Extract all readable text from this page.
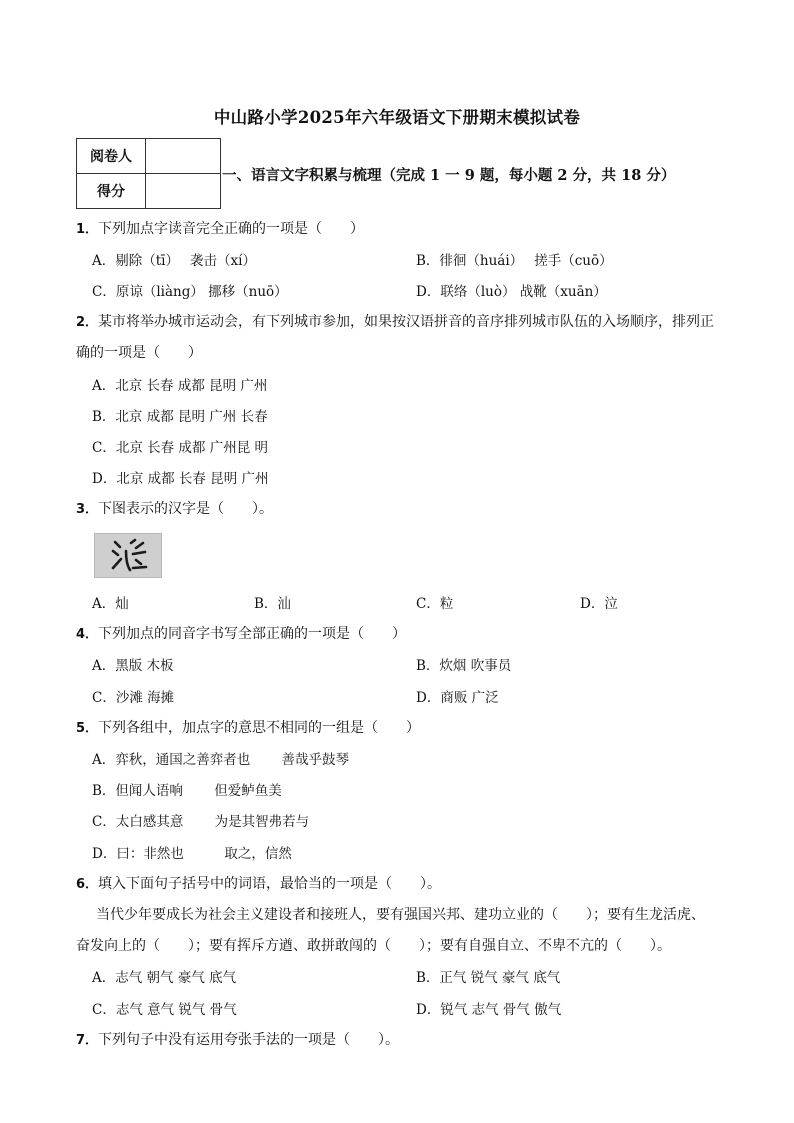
中山路小学2025年六年级语文下册期末模拟试卷
阅卷人	
得分	
一、语言文字积累与梳理（完成 1 一 9 题，每小题 2 分，共 18 分）
1．下列加点字读音完全正确的一项是（　　）
A．剔除（tī）　 袭击（xí）	B．徘徊（huái）　 搓手（cuō）
C．原谅（liàng） 挪移（nuō）	D．联络（luò） 战靴（xuān）
2．某市将举办城市运动会，有下列城市参加，如果按汉语拼音的音序排列城市队伍的入场顺序，排列正
确的一项是（　　）
A．北京 长春 成都 昆明 广州
B．北京 成都 昆明 广州 长春
C．北京 长春 成都 广州昆 明
D．北京 成都 长春 昆明 广州
3．下图表示的汉字是（　　）。
A．灿	B．汕	C．粒	D．泣
4．下列加点的同音字书写全部正确的一项是（　　）
A．黑版 木板	B．炊烟 吹事员
C．沙滩 海摊	D．商贩 广泛
5．下列各组中，加点字的意思不相同的一组是（　　）
A．弈秋，通国之善弈者也　　 善哉乎鼓琴
B．但闻人语响　　 但爱鲈鱼美
C．太白感其意　　 为是其智弗若与
D．曰：非然也　　　取之，信然
6．填入下面句子括号中的词语，最恰当的一项是（　　）。
当代少年要成长为社会主义建设者和接班人，要有强国兴邦、建功立业的（　　）；要有生龙活虎、
奋发向上的（　　）；要有挥斥方遒、敢拼敢闯的（　　）；要有自强自立、不卑不亢的（　　）。
A．志气 朝气 豪气 底气	B．正气 锐气 豪气 底气
C．志气 意气 锐气 骨气	D．锐气 志气 骨气 傲气
7．下列句子中没有运用夸张手法的一项是（　　）。
